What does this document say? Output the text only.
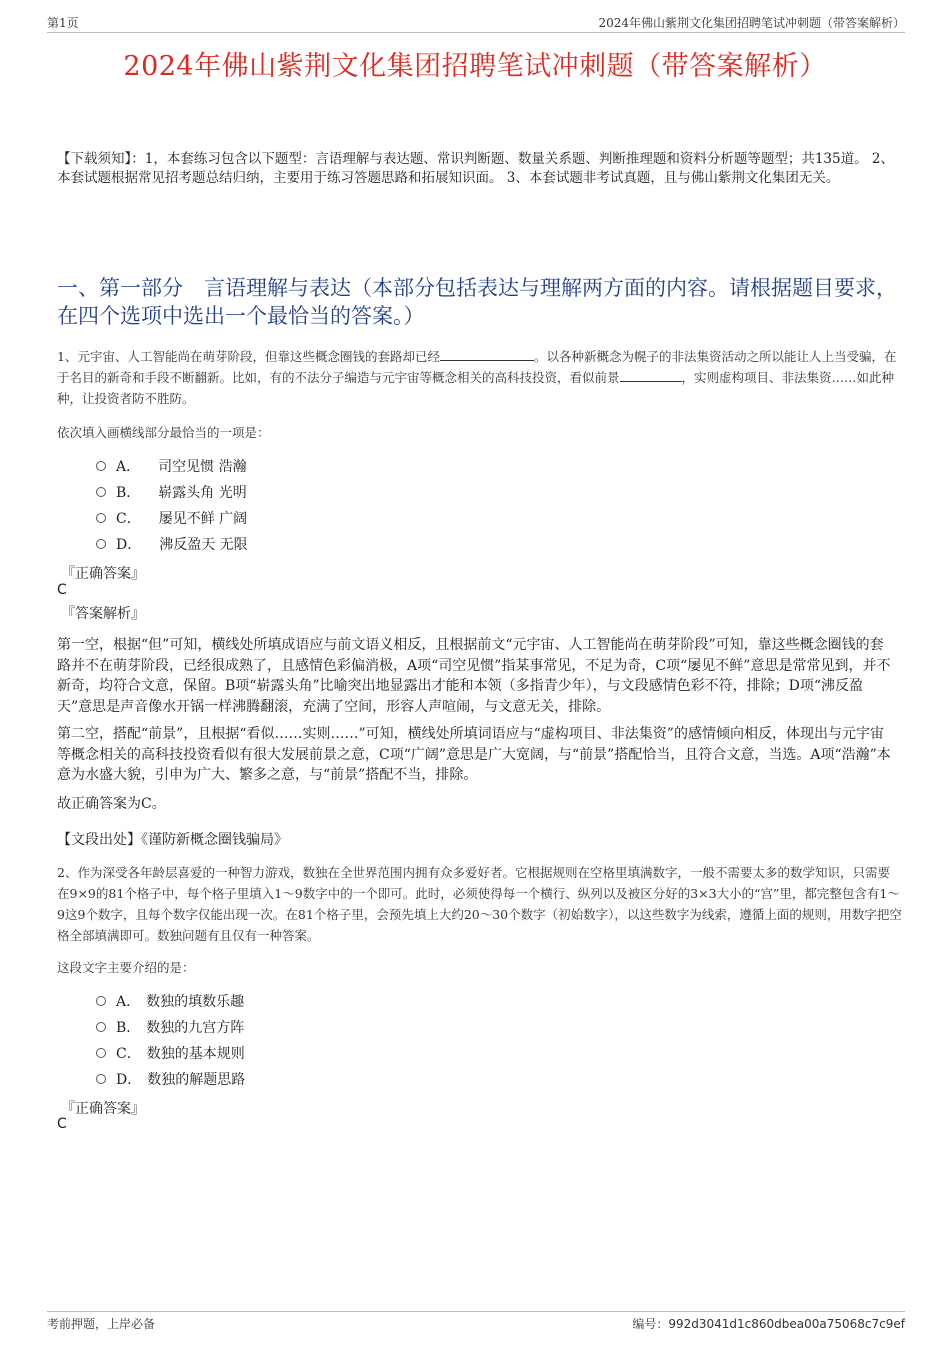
第1页	2024年佛山紫荆文化集团招聘笔试冲刺题（带答案解析）
2024年佛山紫荆文化集团招聘笔试冲刺题（带答案解析）
【下载须知】：1，本套练习包含以下题型：言语理解与表达题、常识判断题、数量关系题、判断推理题和资料分析题等题型；共135道。 2、本套试题根据常见招考题总结归纳，主要用于练习答题思路和拓展知识面。 3、本套试题非考试真题，且与佛山紫荆文化集团无关。
一、第一部分　言语理解与表达（本部分包括表达与理解两方面的内容。请根据题目要求，在四个选项中选出一个最恰当的答案。）
1、元宇宙、人工智能尚在萌芽阶段，但靠这些概念圈钱的套路却已经	。以各种新概念为幌子的非法集资活动之所以能让人上当受骗，在于名目的新奇和手段不断翻新。比如，有的不法分子编造与元宇宙等概念相关的高科技投资，看似前景	，实则虚构项目、非法集资……如此种种，让投资者防不胜防。
依次填入画横线部分最恰当的一项是：
A． 司空见惯 浩瀚
B． 崭露头角 光明
C． 屡见不鲜 广阔
D． 沸反盈天 无限
『正确答案』
C
『答案解析』
第一空，根据“但”可知，横线处所填成语应与前文语义相反，且根据前文“元宇宙、人工智能尚在萌芽阶段”可知，靠这些概念圈钱的套路并不在萌芽阶段，已经很成熟了，且感情色彩偏消极，A项“司空见惯”指某事常见，不足为奇，C项“屡见不鲜”意思是常常见到，并不新奇，均符合文意，保留。B项“崭露头角”比喻突出地显露出才能和本领（多指青少年），与文段感情色彩不符，排除；D项“沸反盈天”意思是声音像水开锅一样沸腾翻滚，充满了空间，形容人声喧闹，与文意无关，排除。
第二空，搭配“前景”，且根据“看似……实则……”可知，横线处所填词语应与“虚构项目、非法集资”的感情倾向相反，体现出与元宇宙等概念相关的高科技投资看似有很大发展前景之意，C项“广阔”意思是广大宽阔，与“前景”搭配恰当，且符合文意，当选。A项“浩瀚”本意为水盛大貌，引申为广大、繁多之意，与“前景”搭配不当，排除。
故正确答案为C。
【文段出处】《谨防新概念圈钱骗局》
2、作为深受各年龄层喜爱的一种智力游戏，数独在全世界范围内拥有众多爱好者。它根据规则在空格里填满数字，一般不需要太多的数学知识，只需要在9×9的81个格子中，每个格子里填入1～9数字中的一个即可。此时，必须使得每一个横行、纵列以及被区分好的3×3大小的“宫”里，都完整包含有1～9这9个数字，且每个数字仅能出现一次。在81个格子里，会预先填上大约20～30个数字（初始数字），以这些数字为线索，遵循上面的规则，用数字把空格全部填满即可。数独问题有且仅有一种答案。
这段文字主要介绍的是：
A． 数独的填数乐趣
B． 数独的九宫方阵
C． 数独的基本规则
D． 数独的解题思路
『正确答案』
C
考前押题，上岸必备	编号：992d3041d1c860dbea00a75068c7c9ef
